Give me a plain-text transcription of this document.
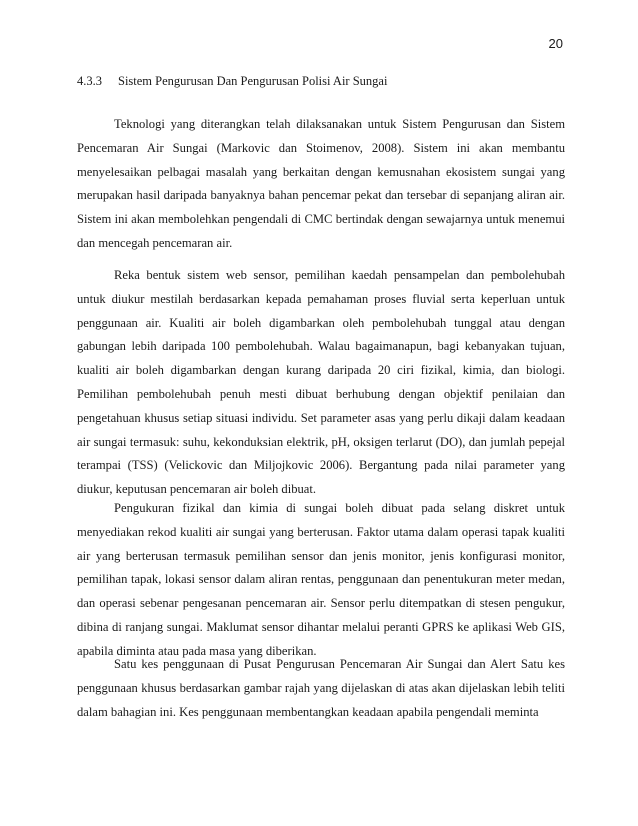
20
4.3.3 Sistem Pengurusan Dan Pengurusan Polisi Air Sungai

Teknologi yang diterangkan telah dilaksanakan untuk Sistem Pengurusan dan Sistem Pencemaran Air Sungai (Markovic dan Stoimenov, 2008). Sistem ini akan membantu menyelesaikan pelbagai masalah yang berkaitan dengan kemusnahan ekosistem sungai yang merupakan hasil daripada banyaknya bahan pencemar pekat dan tersebar di sepanjang aliran air. Sistem ini akan membolehkan pengendali di CMC bertindak dengan sewajarnya untuk menemui dan mencegah pencemaran air.

Reka bentuk sistem web sensor, pemilihan kaedah pensampelan dan pembolehubah untuk diukur mestilah berdasarkan kepada pemahaman proses fluvial serta keperluan untuk penggunaan air. Kualiti air boleh digambarkan oleh pembolehubah tunggal atau dengan gabungan lebih daripada 100 pembolehubah. Walau bagaimanapun, bagi kebanyakan tujuan, kualiti air boleh digambarkan dengan kurang daripada 20 ciri fizikal, kimia, dan biologi. Pemilihan pembolehubah penuh mesti dibuat berhubung dengan objektif penilaian dan pengetahuan khusus setiap situasi individu. Set parameter asas yang perlu dikaji dalam keadaan air sungai termasuk: suhu, kekonduksian elektrik, pH, oksigen terlarut (DO), dan jumlah pepejal terampai (TSS) (Velickovic dan Miljojkovic 2006). Bergantung pada nilai parameter yang diukur, keputusan pencemaran air boleh dibuat.

Pengukuran fizikal dan kimia di sungai boleh dibuat pada selang diskret untuk menyediakan rekod kualiti air sungai yang berterusan. Faktor utama dalam operasi tapak kualiti air yang berterusan termasuk pemilihan sensor dan jenis monitor, jenis konfigurasi monitor, pemilihan tapak, lokasi sensor dalam aliran rentas, penggunaan dan penentukuran meter medan, dan operasi sebenar pengesanan pencemaran air. Sensor perlu ditempatkan di stesen pengukur, dibina di ranjang sungai. Maklumat sensor dihantar melalui peranti GPRS ke aplikasi Web GIS, apabila diminta atau pada masa yang diberikan.

Satu kes penggunaan di Pusat Pengurusan Pencemaran Air Sungai dan Alert Satu kes penggunaan khusus berdasarkan gambar rajah yang dijelaskan di atas akan dijelaskan lebih teliti dalam bahagian ini. Kes penggunaan membentangkan keadaan apabila pengendali meminta
